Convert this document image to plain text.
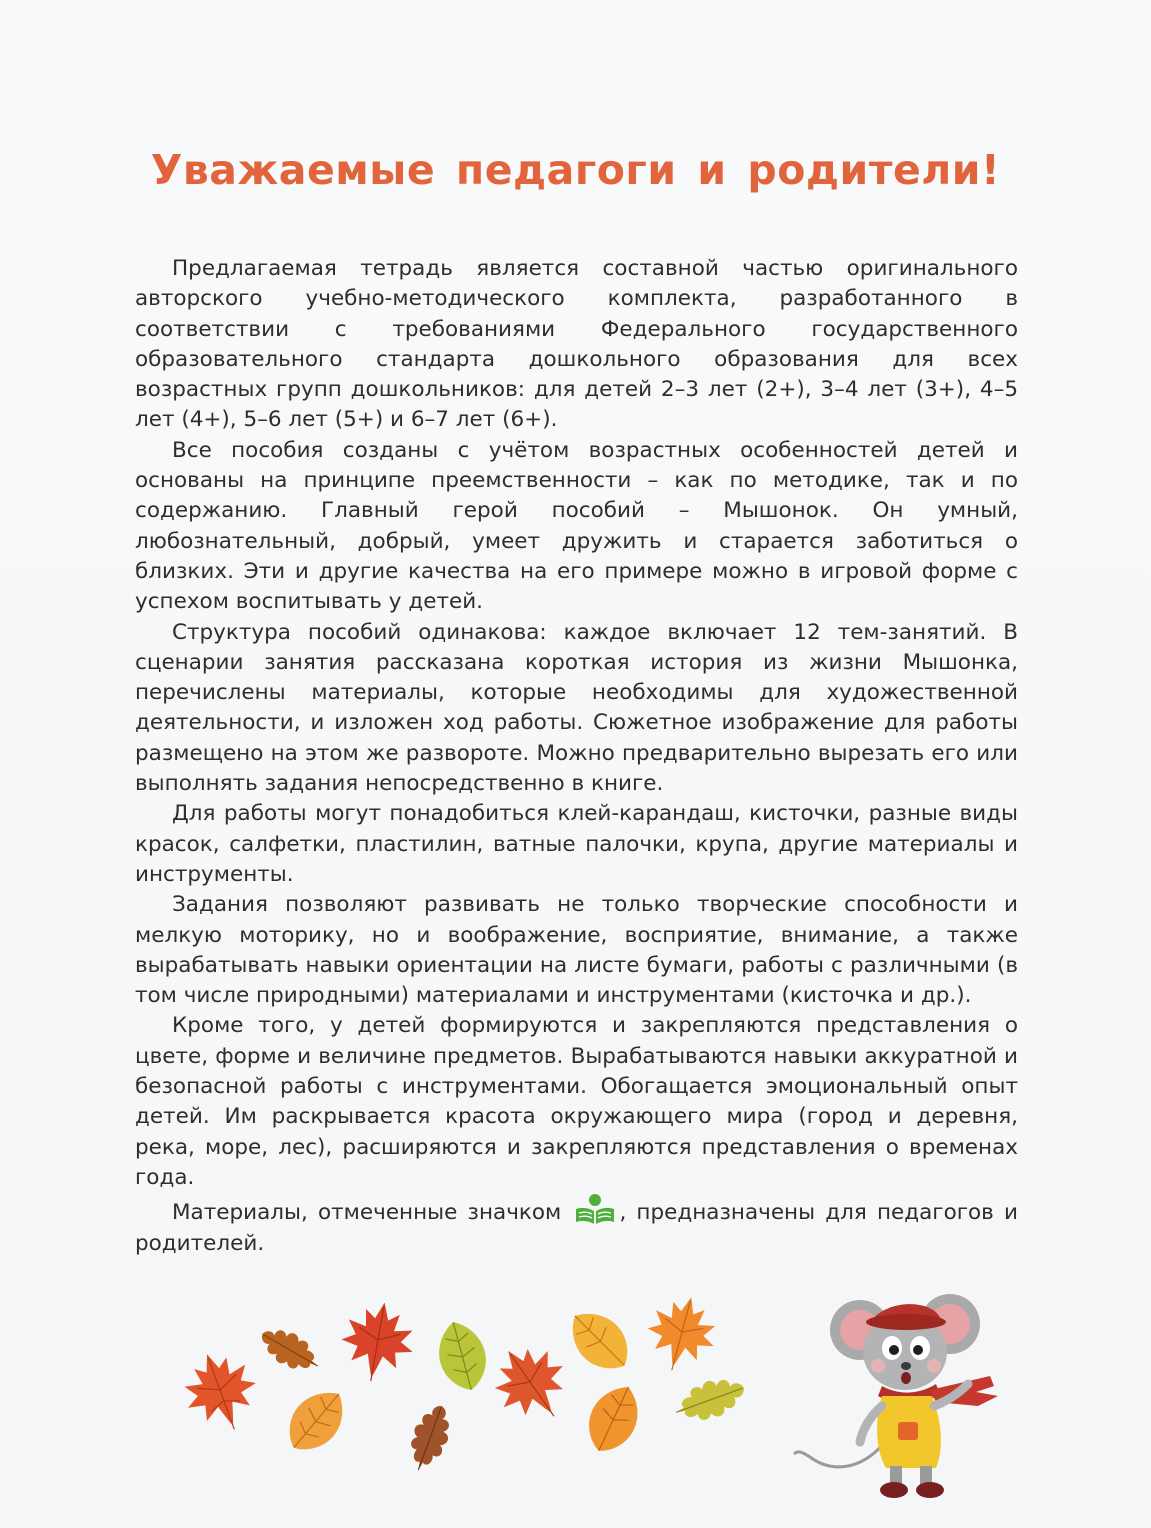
Уважаемые педагоги и родители!

Предлагаемая тетрадь является составной частью оригинального авторского учебно-методического комплекта, разработанного в соответствии с требованиями Федерального государственного образовательного стандарта дошкольного образования для всех возрастных групп дошкольников: для детей 2–3 лет (2+), 3–4 лет (3+), 4–5 лет (4+), 5–6 лет (5+) и 6–7 лет (6+).

Все пособия созданы с учётом возрастных особенностей детей и основаны на принципе преемственности – как по методике, так и по содержанию. Главный герой пособий – Мышонок. Он умный, любознательный, добрый, умеет дружить и старается заботиться о близких. Эти и другие качества на его примере можно в игровой форме с успехом воспитывать у детей.

Структура пособий одинакова: каждое включает 12 тем-занятий. В сценарии занятия рассказана короткая история из жизни Мышонка, перечислены материалы, которые необходимы для художественной деятельности, и изложен ход работы. Сюжетное изображение для работы размещено на этом же развороте. Можно предварительно вырезать его или выполнять задания непосредственно в книге.

Для работы могут понадобиться клей-карандаш, кисточки, разные виды красок, салфетки, пластилин, ватные палочки, крупа, другие материалы и инструменты.

Задания позволяют развивать не только творческие способности и мелкую моторику, но и воображение, восприятие, внимание, а также вырабатывать навыки ориентации на листе бумаги, работы с различными (в том числе природными) материалами и инструментами (кисточка и др.).

Кроме того, у детей формируются и закрепляются представления о цвете, форме и величине предметов. Вырабатываются навыки аккуратной и безопасной работы с инструментами. Обогащается эмоциональный опыт детей. Им раскрывается красота окружающего мира (город и деревня, река, море, лес), расширяются и закрепляются представления о временах года.

Материалы, отмеченные значком	, предназначены для педагогов и родителей.
